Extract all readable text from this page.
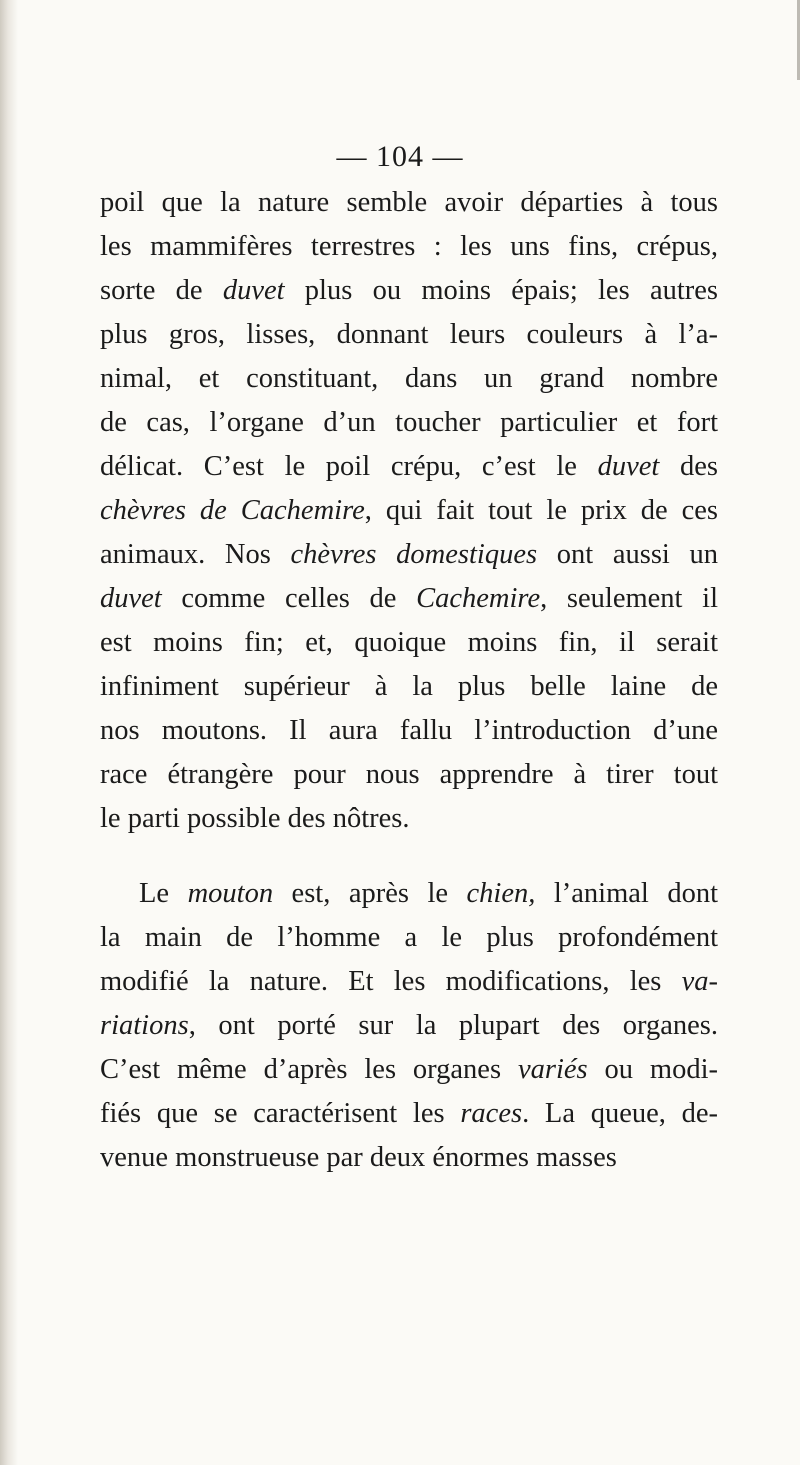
— 104 —

poil que la nature semble avoir départies à tous
les mammifères terrestres : les uns fins, crépus,
sorte de duvet plus ou moins épais; les autres
plus gros, lisses, donnant leurs couleurs à l’a-
nimal, et constituant, dans un grand nombre
de cas, l’organe d’un toucher particulier et fort
délicat. C’est le poil crépu, c’est le duvet des
chèvres de Cachemire, qui fait tout le prix de ces
animaux. Nos chèvres domestiques ont aussi un
duvet comme celles de Cachemire, seulement il
est moins fin; et, quoique moins fin, il serait
infiniment supérieur à la plus belle laine de
nos moutons. Il aura fallu l’introduction d’une
race étrangère pour nous apprendre à tirer tout
le parti possible des nôtres.

Le mouton est, après le chien, l’animal dont
la main de l’homme a le plus profondément
modifié la nature. Et les modifications, les va-
riations, ont porté sur la plupart des organes.
C’est même d’après les organes variés ou modi-
fiés que se caractérisent les races. La queue, de-
venue monstrueuse par deux énormes masses
